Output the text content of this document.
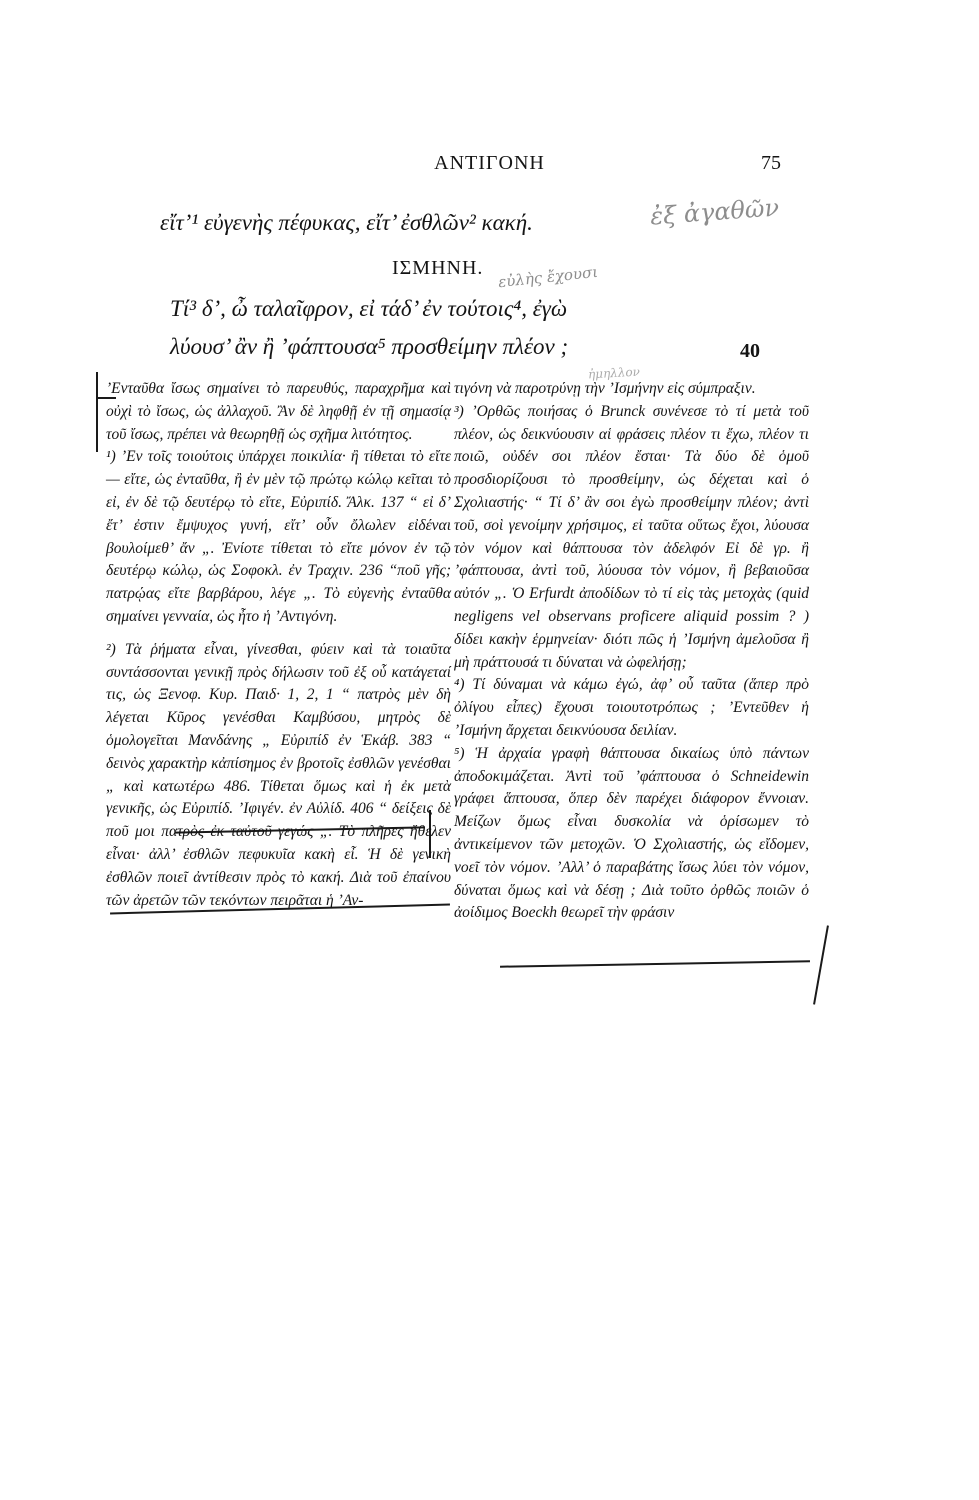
ΑΝΤΙΓΟΝΗ	75
εἴτ’¹ εὐγενὴς πέφυκας, εἴτ’ ἐσθλῶν² κακή.	ἐξ ἀγαθῶν
ΙΣΜΗΝΗ. εὐλὴς ἔχουσι
Τί³ δ’, ὦ ταλαῖφρον, εἰ τάδ’ ἐν τούτοις⁴, ἐγὼ
λύουσ’ ἂν ἢ ’φάπτουσα⁵ προσθείμην πλέον ;	40
ἠμηλλον

’Ενταῦθα ἴσως σημαίνει τὸ παρευθύς, παραχρῆμα καὶ οὐχὶ τὸ ἴσως, ὡς ἀλλαχοῦ. Ἂν δὲ ληφθῇ ἐν τῇ σημασίᾳ τοῦ ἴσως, πρέπει νὰ θεωρηθῇ ὡς σχῆμα λιτότητος.

¹) ’Εν τοῖς τοιούτοις ὑπάρχει ποικιλία· ἢ τίθεται τὸ εἴτε — εἴτε, ὡς ἐνταῦθα, ἢ ἐν μὲν τῷ πρώτῳ κώλῳ κεῖται τὸ εἰ, ἐν δὲ τῷ δευτέρῳ τὸ εἴτε, Εὐριπίδ. Ἄλκ. 137 “ εἰ δ’ ἔτ’ ἐστιν ἔμψυχος γυνή, εἴτ’ οὖν ὄλωλεν εἰδέναι βουλοίμεθ’ ἄν „. Ἐνίοτε τίθεται τὸ εἴτε μόνον ἐν τῷ δευτέρῳ κώλῳ, ὡς Σοφοκλ. ἐν Τραχιν. 236 “ποῦ γῆς; πατρῴας εἴτε βαρβάρου, λέγε „. Τὸ εὐγενὴς ἐνταῦθα σημαίνει γενναία, ὡς ἦτο ἡ ’Αντιγόνη.

²) Τὰ ῥήματα εἶναι, γίνεσθαι, φύειν καὶ τὰ τοιαῦτα συντάσσονται γενικῇ πρὸς δήλωσιν τοῦ ἐξ οὗ κατάγεταί τις, ὡς Ξενοφ. Κυρ. Παιδ· 1, 2, 1 “ πατρὸς μὲν δὴ λέγεται Κῦρος γενέσθαι Καμβύσου, μητρὸς δὲ ὁμολογεῖται Μανδάνης „ Εὐριπίδ ἐν Ἑκάβ. 383 “ δεινὸς χαρακτὴρ κἀπίσημος ἐν βροτοῖς ἐσθλῶν γενέσθαι „ καὶ κατωτέρω 486. Τίθεται ὅμως καὶ ἡ ἐκ μετὰ γενικῆς, ὡς Εὐριπίδ. ’Ιφιγέν. ἐν Αὐλίδ. 406 “ δείξεις δὲ ποῦ μοι πατρὸς ἐκ ταὐτοῦ γεγώς „. Τὸ πλῆρες ἤθελεν εἶναι· ἀλλ’ ἐσθλῶν πεφυκυῖα κακὴ εἶ. Ἡ δὲ γενικὴ ἐσθλῶν ποιεῖ ἀντίθεσιν πρὸς τὸ κακή. Διὰ τοῦ ἐπαίνου τῶν ἀρετῶν τῶν τεκόντων πειρᾶται ἡ ’Αν-

τιγόνη νὰ παροτρύνῃ τὴν ’Ισμήνην εἰς σύμπραξιν.

³) ’Ορθῶς ποιήσας ὁ Brunck συνένεσε τὸ τί μετὰ τοῦ πλέον, ὡς δεικνύουσιν αἱ φράσεις πλέον τι ἔχω, πλέον τι ποιῶ, οὐδέν σοι πλέον ἔσται· Τὰ δύο δὲ ὁμοῦ προσδιορίζουσι τὸ προσθείμην, ὡς δέχεται καὶ ὁ Σχολιαστής· “ Τί δ’ ἂν σοι ἐγὼ προσθείμην πλέον; ἀντὶ τοῦ, σοὶ γενοίμην χρήσιμος, εἰ ταῦτα οὕτως ἔχοι, λύουσα τὸν νόμον καὶ θάπτουσα τὸν ἀδελφόν Εἰ δὲ γρ. ἢ ’φάπτουσα, ἀντὶ τοῦ, λύουσα τὸν νόμον, ἢ βεβαιοῦσα αὐτόν „. Ὁ Erfurdt ἀποδίδων τὸ τί εἰς τὰς μετοχὰς (quid negligens vel observans proficere aliquid possim ? ) δίδει κακὴν ἑρμηνείαν· διότι πῶς ἡ ’Ισμήνη ἀμελοῦσα ἢ μὴ πράττουσά τι δύναται νὰ ὠφελήσῃ;

⁴) Τί δύναμαι νὰ κάμω ἐγώ, ἀφ’ οὗ ταῦτα (ἅπερ πρὸ ὀλίγου εἶπες) ἔχουσι τοιουτοτρόπως ; ’Εντεῦθεν ἡ ’Ισμήνη ἄρχεται δεικνύουσα δειλίαν.

⁵) Ἡ ἀρχαία γραφὴ θάπτουσα δικαίως ὑπὸ πάντων ἀποδοκιμάζεται. Ἀντὶ τοῦ ’φάπτουσα ὁ Schneidewin γράφει ἅπτουσα, ὅπερ δὲν παρέχει διάφορον ἔννοιαν. Μείζων ὅμως εἶναι δυσκολία νὰ ὁρίσωμεν τὸ ἀντικείμενον τῶν μετοχῶν. Ὁ Σχολιαστής, ὡς εἴδομεν, νοεῖ τὸν νόμον. ’Αλλ’ ὁ παραβάτης ἴσως λύει τὸν νόμον, δύναται ὅμως καὶ νὰ δέσῃ ; Διὰ τοῦτο ὀρθῶς ποιῶν ὁ ἀοίδιμος Boeckh θεωρεῖ τὴν φράσιν
